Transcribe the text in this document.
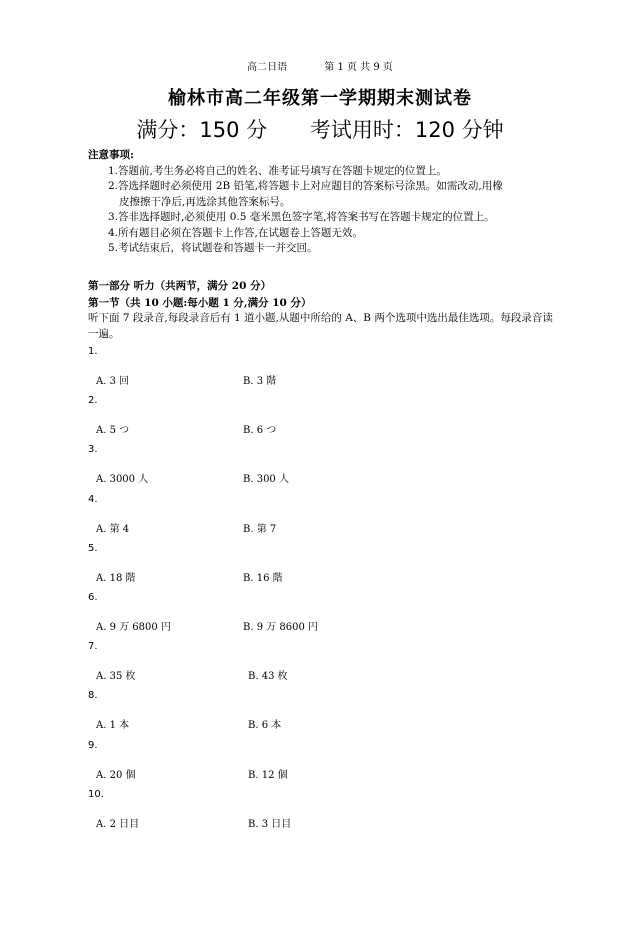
高二日语	第 1 页 共 9 页
榆林市高二年级第一学期期末测试卷
满分：150 分 考试用时：120 分钟
注意事项:
1.答题前,考生务必将自己的姓名、准考证号填写在答题卡规定的位置上。
2.答选择题时必须使用 2B 铅笔,将答题卡上对应题目的答案标号涂黑。如需改动,用橡
皮擦擦干净后,再选涂其他答案标号。
3.答非选择题时,必须使用 0.5 毫米黑色签字笔,将答案书写在答题卡规定的位置上。
4.所有题目必须在答题卡上作答,在试题卷上答题无效。
5.考试结束后，将试题卷和答题卡一并交回。
第一部分 听力（共两节，满分 20 分）
第一节（共 10 小题:每小题 1 分,满分 10 分）
听下面 7 段录音,每段录音后有 1 道小题,从题中所给的 A、B 两个选项中选出最佳选项。每段录音读一遍。
1.
A. 3 回	B. 3 階
2.
A. 5 つ	B. 6 つ
3.
A. 3000 人	B. 300 人
4.
A. 第 4	B. 第 7
5.
A. 18 階	B. 16 階
6.
A. 9 万 6800 円	B. 9 万 8600 円
7.
A. 35 枚	B. 43 枚
8.
A. 1 本	B. 6 本
9.
A. 20 個	B. 12 個
10.
A. 2 日目	B. 3 日目
